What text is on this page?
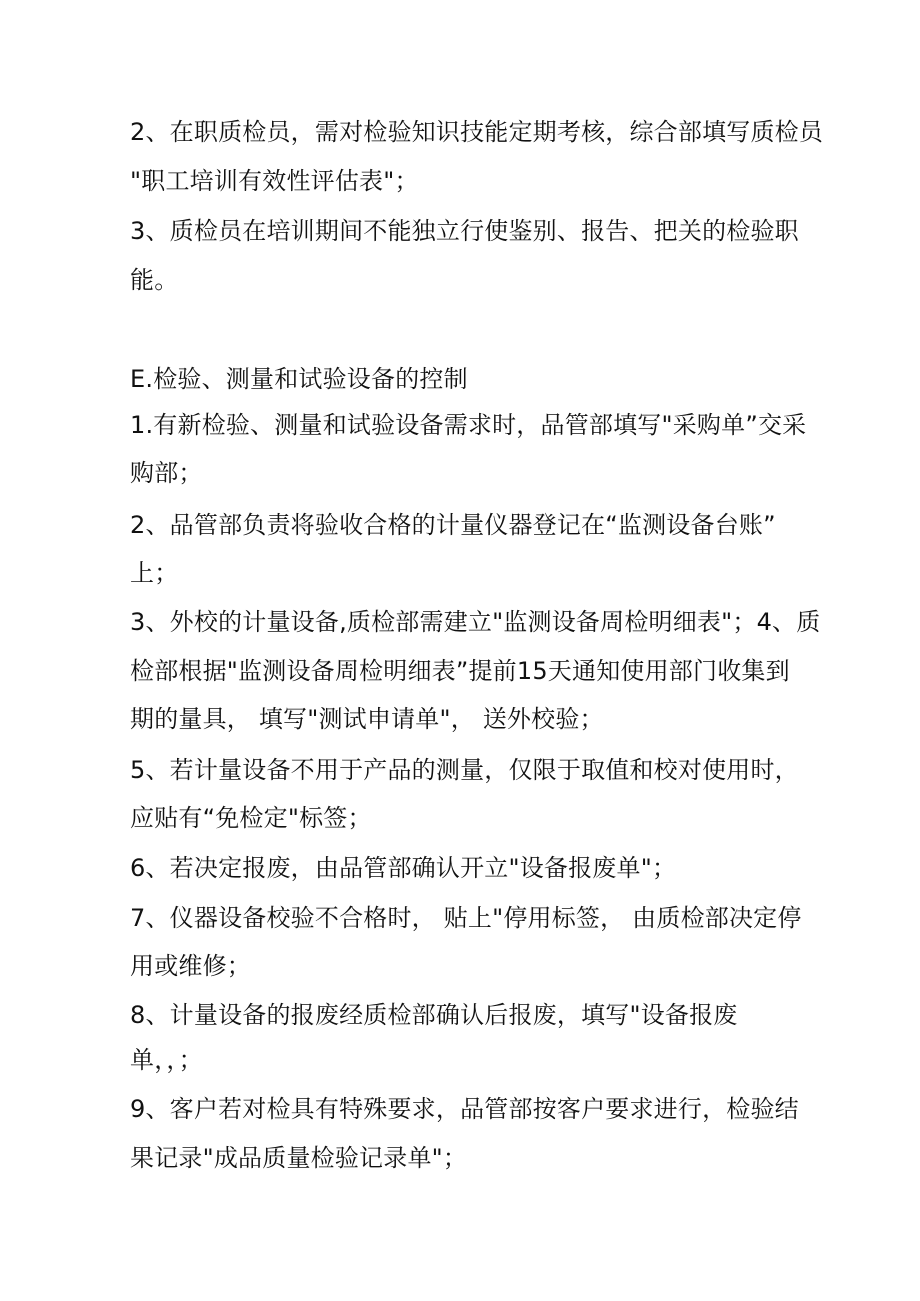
2、在职质检员，需对检验知识技能定期考核，综合部填写质检员
"职工培训有效性评估表"；
3、质检员在培训期间不能独立行使鉴别、报告、把关的检验职
能。
E.检验、测量和试验设备的控制
1.有新检验、测量和试验设备需求时，品管部填写"采购单”交采
购部；
2、品管部负责将验收合格的计量仪器登记在“监测设备台账”
上；
3、外校的计量设备,质检部需建立"监测设备周检明细表"；4、质
检部根据"监测设备周检明细表”提前15天通知使用部门收集到
期的量具， 填写"测试申请单"， 送外校验；
5、若计量设备不用于产品的测量，仅限于取值和校对使用时，
应贴有“免检定"标签；
6、若决定报废，由品管部确认开立"设备报废单"；
7、仪器设备校验不合格时， 贴上"停用标签， 由质检部决定停
用或维修；
8、计量设备的报废经质检部确认后报废，填写"设备报废
单，，；
9、客户若对检具有特殊要求，品管部按客户要求进行，检验结
果记录"成品质量检验记录单"；
